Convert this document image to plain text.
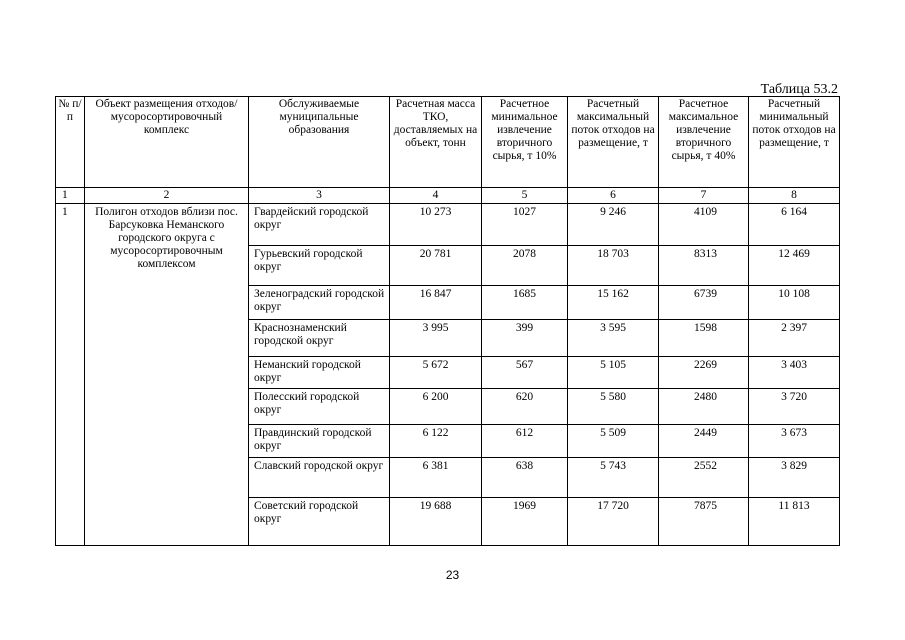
Таблица 53.2
№ п/п	Объект размещения отходов/ мусоросортировочный комплекс	Обслуживаемые муниципальные образования	Расчетная масса ТКО, доставляемых на объект, тонн	Расчетное минимальное извлечение вторичного сырья, т 10%	Расчетный максимальный поток отходов на размещение, т	Расчетное максимальное извлечение вторичного сырья, т 40%	Расчетный минимальный поток отходов на размещение, т
1	2	3	4	5	6	7	8
1	Полигон отходов вблизи пос. Барсуковка Неманского городского округа с мусоросортировочным комплексом	Гвардейский городской округ	10 273	1027	9 246	4109	6 164
		Гурьевский городской округ	20 781	2078	18 703	8313	12 469
		Зеленоградский городской округ	16 847	1685	15 162	6739	10 108
		Краснознаменский городской округ	3 995	399	3 595	1598	2 397
		Неманский городской округ	5 672	567	5 105	2269	3 403
		Полесский городской округ	6 200	620	5 580	2480	3 720
		Правдинский городской округ	6 122	612	5 509	2449	3 673
		Славский городской округ	6 381	638	5 743	2552	3 829
		Советский городской округ	19 688	1969	17 720	7875	11 813
23
